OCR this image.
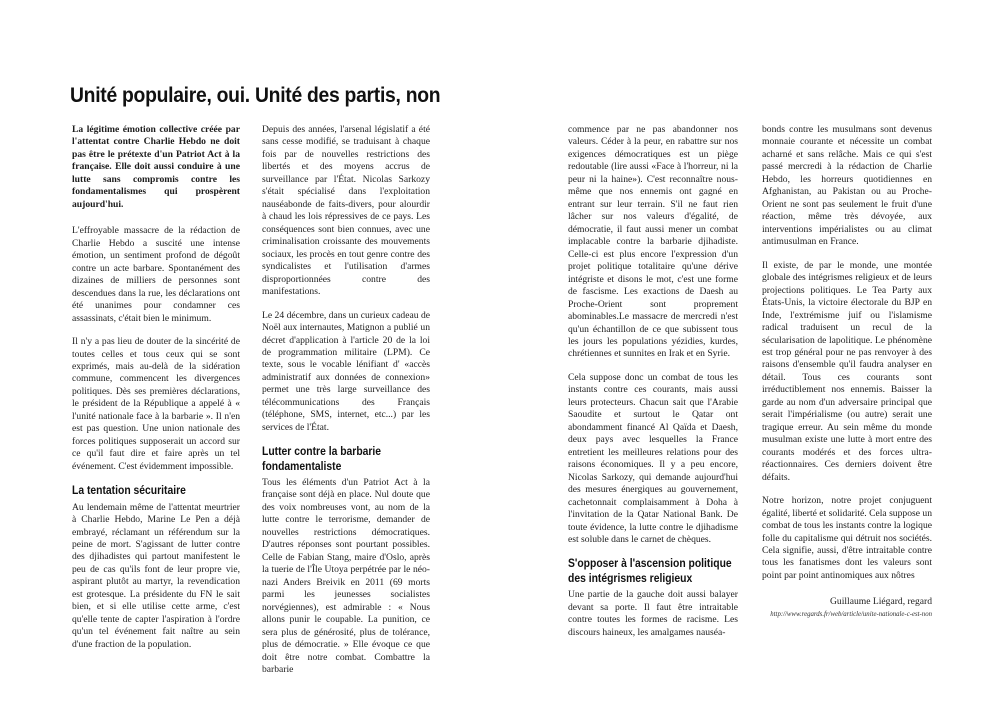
Unité populaire, oui. Unité des partis, non

La légitime émotion collective créée par l'attentat contre Charlie Hebdo ne doit pas être le prétexte d'un Patriot Act à la française. Elle doit aussi conduire à une lutte sans compromis contre les fondamentalismes qui prospèrent aujourd'hui.

L'effroyable massacre de la rédaction de Charlie Hebdo a suscité une intense émotion, un sentiment profond de dégoût contre un acte barbare. Spontanément des dizaines de milliers de personnes sont descendues dans la rue, les déclarations ont été unanimes pour condamner ces assassinats, c'était bien le minimum.

Il n'y a pas lieu de douter de la sincérité de toutes celles et tous ceux qui se sont exprimés, mais au-delà de la sidération commune, commencent les divergences politiques. Dès ses premières déclarations, le président de la République a appelé à « l'unité nationale face à la barbarie ». Il n'en est pas question. Une union nationale des forces politiques supposerait un accord sur ce qu'il faut dire et faire après un tel événement. C'est évidemment impossible.

La tentation sécuritaire

Au lendemain même de l'attentat meurtrier à Charlie Hebdo, Marine Le Pen a déjà embrayé, réclamant un référendum sur la peine de mort. S'agissant de lutter contre des djihadistes qui partout manifestent le peu de cas qu'ils font de leur propre vie, aspirant plutôt au martyr, la revendication est grotesque. La présidente du FN le sait bien, et si elle utilise cette arme, c'est qu'elle tente de capter l'aspiration à l'ordre qu'un tel événement fait naître au sein d'une fraction de la population.

Depuis des années, l'arsenal législatif a été sans cesse modifié, se traduisant à chaque fois par de nouvelles restrictions des libertés et des moyens accrus de surveillance par l'État. Nicolas Sarkozy s'était spécialisé dans l'exploitation nauséabonde de faits-divers, pour alourdir à chaud les lois répressives de ce pays. Les conséquences sont bien connues, avec une criminalisation croissante des mouvements sociaux, les procès en tout genre contre des syndicalistes et l'utilisation d'armes disproportionnées contre des manifestations.

Le 24 décembre, dans un curieux cadeau de Noël aux internautes, Matignon a publié un décret d'application à l'article 20 de la loi de programmation militaire (LPM). Ce texte, sous le vocable lénifiant d' «accès administratif aux données de connexion» permet une très large surveillance des télécommunications des Français (téléphone, SMS, internet, etc...) par les services de l'État.

Lutter contre la barbarie fondamentaliste

Tous les éléments d'un Patriot Act à la française sont déjà en place. Nul doute que des voix nombreuses vont, au nom de la lutte contre le terrorisme, demander de nouvelles restrictions démocratiques. D'autres réponses sont pourtant possibles. Celle de Fabian Stang, maire d'Oslo, après la tuerie de l'Île Utoya perpétrée par le néo-nazi Anders Breivik en 2011 (69 morts parmi les jeunesses socialistes norvégiennes), est admirable : « Nous allons punir le coupable. La punition, ce sera plus de générosité, plus de tolérance, plus de démocratie. » Elle évoque ce que doit être notre combat. Combattre la barbarie

commence par ne pas abandonner nos valeurs. Céder à la peur, en rabattre sur nos exigences démocratiques est un piège redoutable (lire aussi «Face à l'horreur, ni la peur ni la haine»). C'est reconnaître nous-même que nos ennemis ont gagné en entrant sur leur terrain. S'il ne faut rien lâcher sur nos valeurs d'égalité, de démocratie, il faut aussi mener un combat implacable contre la barbarie djihadiste. Celle-ci est plus encore l'expression d'un projet politique totalitaire qu'une dérive intégriste et disons le mot, c'est une forme de fascisme. Les exactions de Daesh au Proche-Orient sont proprement abominables.Le massacre de mercredi n'est qu'un échantillon de ce que subissent tous les jours les populations yézidies, kurdes, chrétiennes et sunnites en Irak et en Syrie.

Cela suppose donc un combat de tous les instants contre ces courants, mais aussi leurs protecteurs. Chacun sait que l'Arabie Saoudite et surtout le Qatar ont abondamment financé Al Qaïda et Daesh, deux pays avec lesquelles la France entretient les meilleures relations pour des raisons économiques. Il y a peu encore, Nicolas Sarkozy, qui demande aujourd'hui des mesures énergiques au gouvernement, cachetonnait complaisamment à Doha à l'invitation de la Qatar National Bank. De toute évidence, la lutte contre le djihadisme est soluble dans le carnet de chèques.

S'opposer à l'ascension politique des intégrismes religieux

Une partie de la gauche doit aussi balayer devant sa porte. Il faut être intraitable contre toutes les formes de racisme. Les discours haineux, les amalgames nauséa-

bonds contre les musulmans sont devenus monnaie courante et nécessite un combat acharné et sans relâche. Mais ce qui s'est passé mercredi à la rédaction de Charlie Hebdo, les horreurs quotidiennes en Afghanistan, au Pakistan ou au Proche-Orient ne sont pas seulement le fruit d'une réaction, même très dévoyée, aux interventions impérialistes ou au climat antimusulman en France.

Il existe, de par le monde, une montée globale des intégrismes religieux et de leurs projections politiques. Le Tea Party aux États-Unis, la victoire électorale du BJP en Inde, l'extrémisme juif ou l'islamisme radical traduisent un recul de la sécularisation de lapolitique. Le phénomène est trop général pour ne pas renvoyer à des raisons d'ensemble qu'il faudra analyser en détail. Tous ces courants sont irréductiblement nos ennemis. Baisser la garde au nom d'un adversaire principal que serait l'impérialisme (ou autre) serait une tragique erreur. Au sein même du monde musulman existe une lutte à mort entre des courants modérés et des forces ultra-réactionnaires. Ces derniers doivent être défaits.

Notre horizon, notre projet conjuguent égalité, liberté et solidarité. Cela suppose un combat de tous les instants contre la logique folle du capitalisme qui détruit nos sociétés. Cela signifie, aussi, d'être intraitable contre tous les fanatismes dont les valeurs sont point par point antinomiques aux nôtres

Guillaume Liégard, regard
http://www.regards.fr/web/article/unite-nationale-c-est-non
